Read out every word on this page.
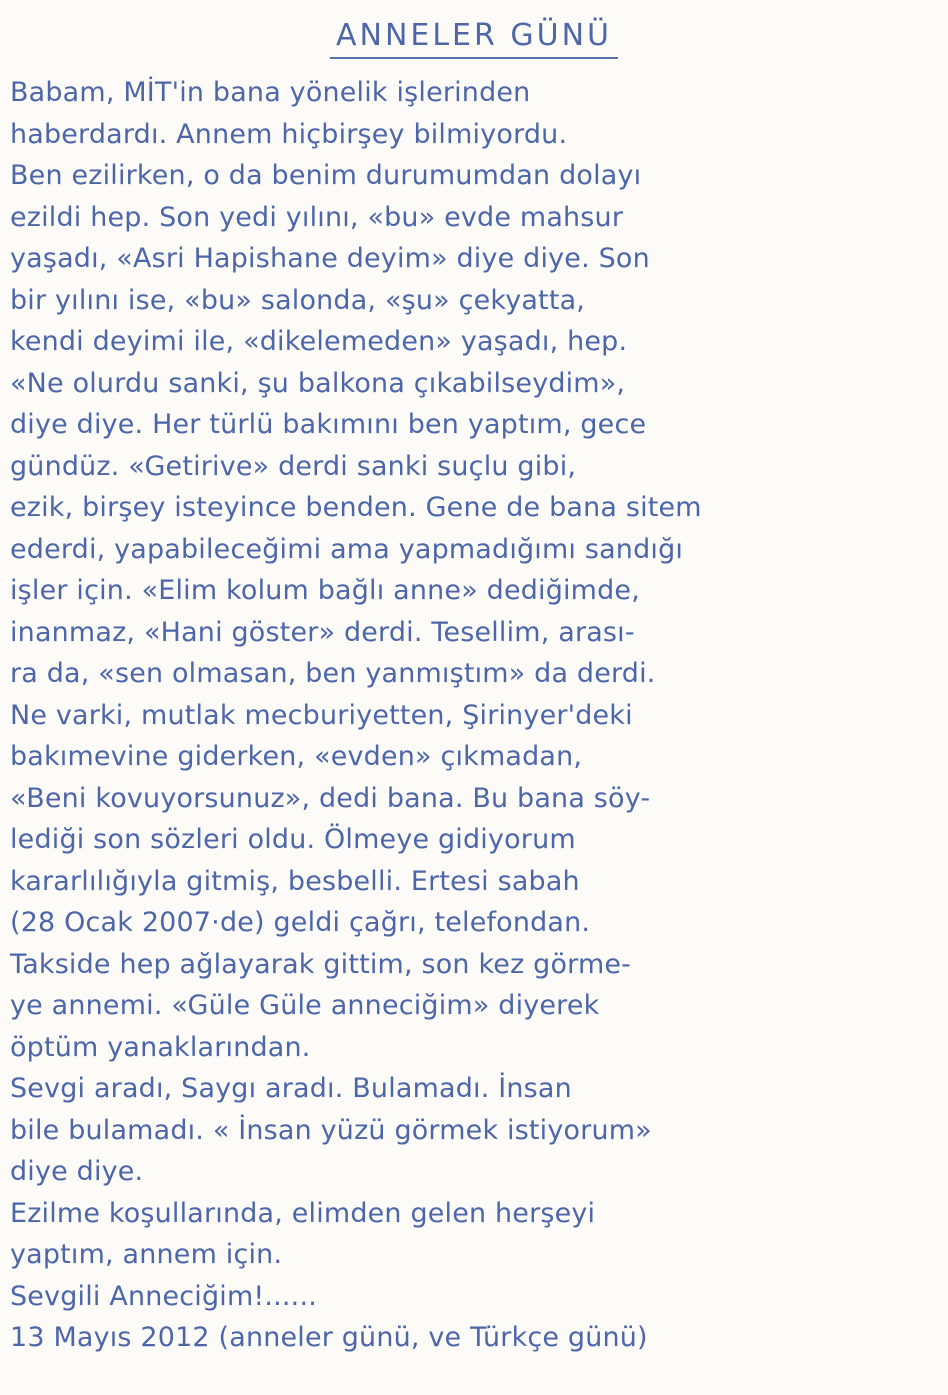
ANNELER GÜNÜ
Babam, MİT'in bana yönelik işlerinden
haberdardı. Annem hiçbirşey bilmiyordu.
Ben ezilirken, o da benim durumumdan dolayı
ezildi hep. Son yedi yılını, «bu» evde mahsur
yaşadı, «Asri Hapishane deyim» diye diye. Son
bir yılını ise, «bu» salonda, «şu» çekyatta,
kendi deyimi ile, «dikelemeden» yaşadı, hep.
«Ne olurdu sanki, şu balkona çıkabilseydim»,
diye diye. Her türlü bakımını ben yaptım, gece
gündüz. «Getirive» derdi sanki suçlu gibi,
ezik, birşey isteyince benden. Gene de bana sitem
ederdi, yapabileceğimi ama yapmadığımı sandığı
işler için. «Elim kolum bağlı anne» dediğimde,
inanmaz, «Hani göster» derdi. Tesellim, arası-
ra da, «sen olmasan, ben yanmıştım» da derdi.
Ne varki, mutlak mecburiyetten, Şirinyer'deki
bakımevine giderken, «evden» çıkmadan,
«Beni kovuyorsunuz», dedi bana. Bu bana söy-
lediği son sözleri oldu. Ölmeye gidiyorum
kararlılığıyla gitmiş, besbelli. Ertesi sabah
(28 Ocak 2007·de) geldi çağrı, telefondan.
Takside hep ağlayarak gittim, son kez görme-
ye annemi. «Güle Güle anneciğim» diyerek
öptüm yanaklarından.
Sevgi aradı, Saygı aradı. Bulamadı. İnsan
bile bulamadı. « İnsan yüzü görmek istiyorum»
diye diye.
Ezilme koşullarında, elimden gelen herşeyi
yaptım, annem için.
Sevgili Anneciğim!......
13 Mayıs 2012 (anneler günü, ve Türkçe günü)
